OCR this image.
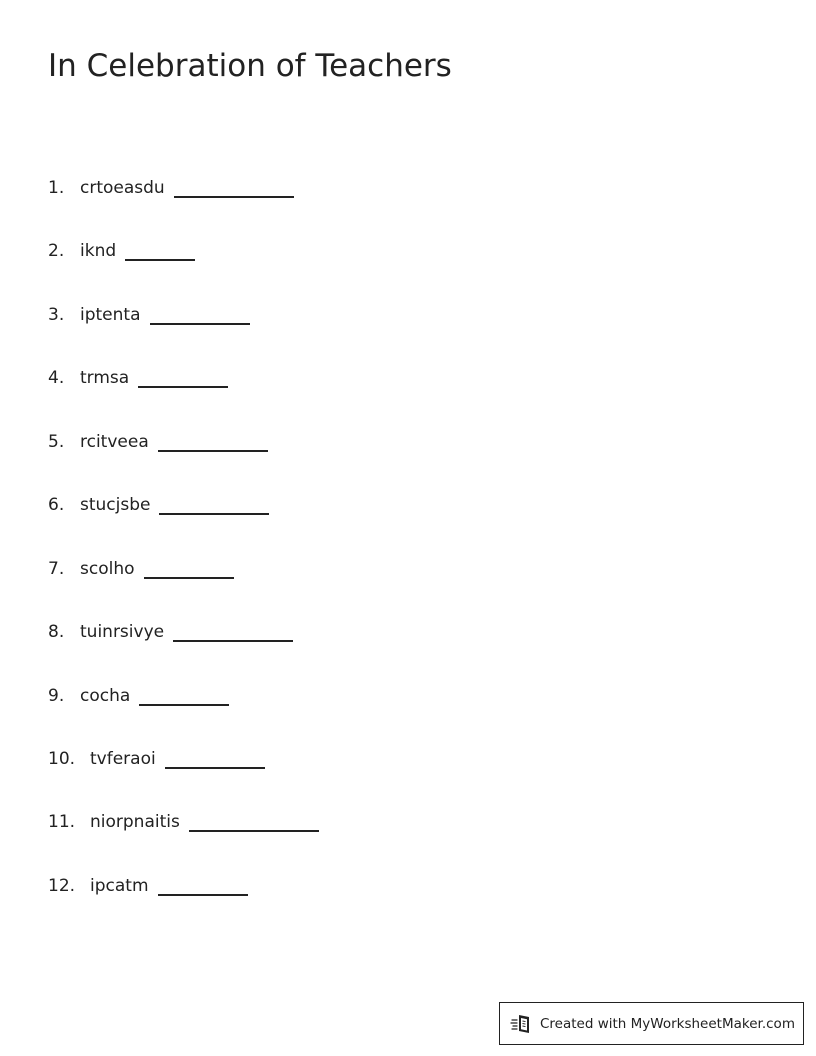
In Celebration of Teachers
1. crtoeasdu
2. iknd
3. iptenta
4. trmsa
5. rcitveea
6. stucjsbe
7. scolho
8. tuinrsivye
9. cocha
10. tvferaoi
11. niorpnaitis
12. ipcatm
Created with MyWorksheetMaker.com
